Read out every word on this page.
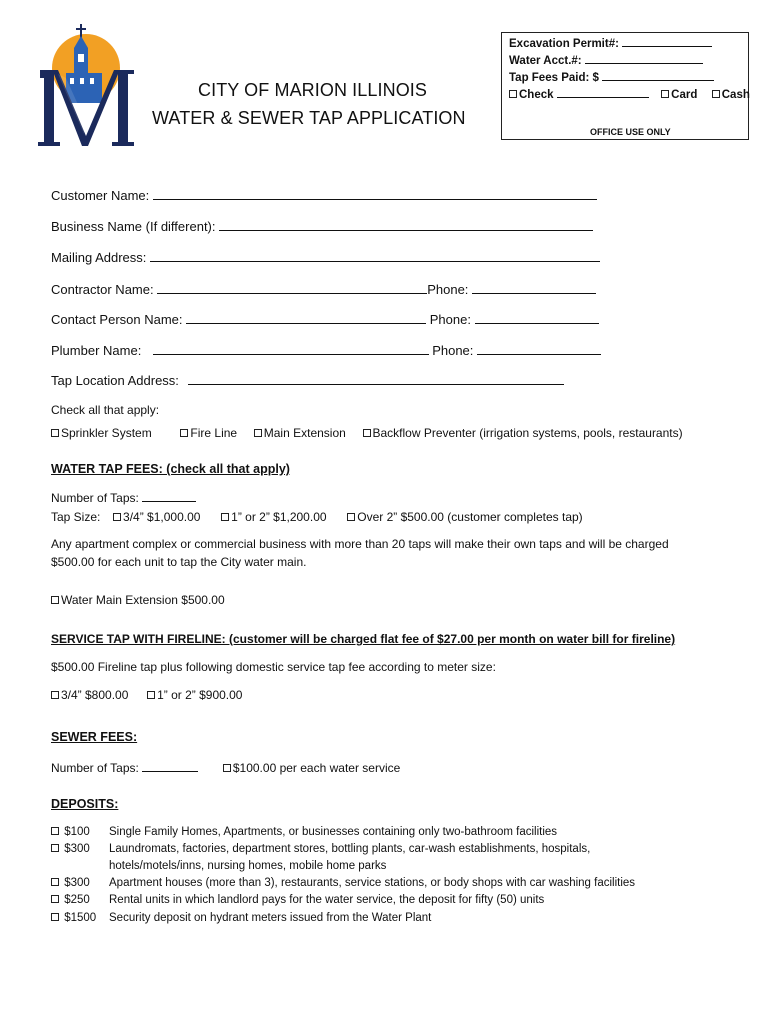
CITY OF MARION ILLINOIS
WATER & SEWER TAP APPLICATION
Excavation Permit#:
Water Acct.#:
Tap Fees Paid: $
Check	Card Cash
OFFICE USE ONLY
Customer Name:
Business Name (If different):
Mailing Address:
Contractor Name:	Phone:
Contact Person Name:	Phone:
Plumber Name:	Phone:
Tap Location Address:
Check all that apply:
Sprinkler System	Fire Line Main Extension Backflow Preventer (irrigation systems, pools, restaurants)
WATER TAP FEES: (check all that apply)
Number of Taps:
Tap Size: 3/4” $1,000.00	1” or 2” $1,200.00	Over 2” $500.00 (customer completes tap)
Any apartment complex or commercial business with more than 20 taps will make their own taps and will be charged
$500.00 for each unit to tap the City water main.
Water Main Extension $500.00
SERVICE TAP WITH FIRELINE: (customer will be charged flat fee of $27.00 per month on water bill for fireline)
$500.00 Fireline tap plus following domestic service tap fee according to meter size:
3/4” $800.00 1” or 2” $900.00
SEWER FEES:
Number of Taps:	$100.00 per each water service
DEPOSITS:
$100 Single Family Homes, Apartments, or businesses containing only two-bathroom facilities
$300 Laundromats, factories, department stores, bottling plants, car-wash establishments, hospitals,
hotels/motels/inns, nursing homes, mobile home parks
$300 Apartment houses (more than 3), restaurants, service stations, or body shops with car washing facilities
$250 Rental units in which landlord pays for the water service, the deposit for fifty (50) units
$1500 Security deposit on hydrant meters issued from the Water Plant
